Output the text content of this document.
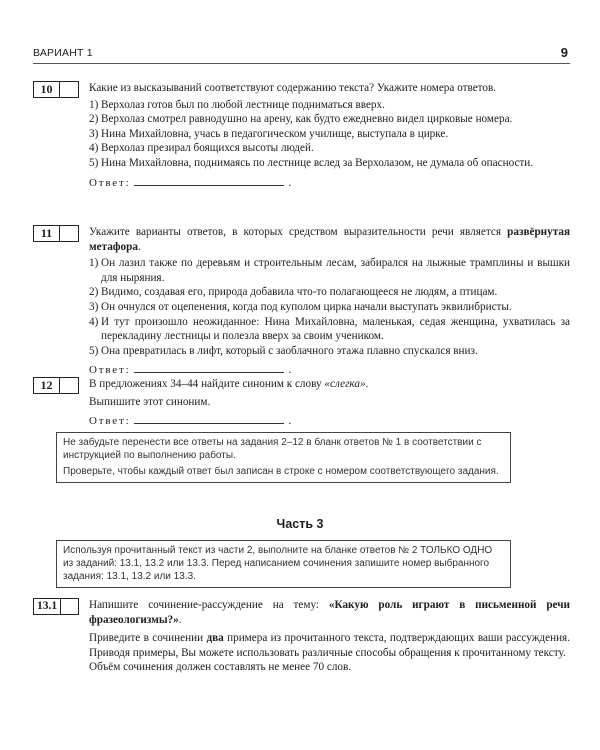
ВАРИАНТ 1	9
10	Какие из высказываний соответствуют содержанию текста? Укажите номера ответов.

1) Верхолаз готов был по любой лестнице подниматься вверх.
2) Верхолаз смотрел равнодушно на арену, как будто ежедневно видел цирковые номера.
3) Нина Михайловна, учась в педагогическом училище, выступала в цирке.
4) Верхолаз презирал боящихся высоты людей.
5) Нина Михайловна, поднимаясь по лестнице вслед за Верхолазом, не думала об опасности.
Ответ:	.
11	Укажите варианты ответов, в которых средством выразительности речи является развёрнутая метафора.

1) Он лазил также по деревьям и строительным лесам, забирался на лыжные трамплины и вышки для ныряния.
2) Видимо, создавая его, природа добавила что-то полагающееся не людям, а птицам.
3) Он очнулся от оцепенения, когда под куполом цирка начали выступать эквилибристы.
4) И тут произошло неожиданное: Нина Михайловна, маленькая, седая женщина, ухватилась за перекладину лестницы и полезла вверх за своим учеником.
5) Она превратилась в лифт, который с заоблачного этажа плавно спускался вниз.
Ответ:	.
12	В предложениях 34–44 найдите синоним к слову «слегка».

Выпишите этот синоним.

Ответ:	.

Не забудьте перенести все ответы на задания 2–12 в бланк ответов № 1 в соответствии с инструкцией по выполнению работы.

Проверьте, чтобы каждый ответ был записан в строке с номером соответствующего задания.

Часть 3

Используя прочитанный текст из части 2, выполните на бланке ответов № 2 ТОЛЬКО ОДНО из заданий: 13.1, 13.2 или 13.3. Перед написанием сочинения запишите номер выбранного задания: 13.1, 13.2 или 13.3.

13.1	Напишите сочинение-рассуждение на тему: «Какую роль играют в письменной речи фразеологизмы?».

Приведите в сочинении два примера из прочитанного текста, подтверждающих ваши рассуждения. Приводя примеры, Вы можете использовать различные способы обращения к прочитанному тексту.

Объём сочинения должен составлять не менее 70 слов.
